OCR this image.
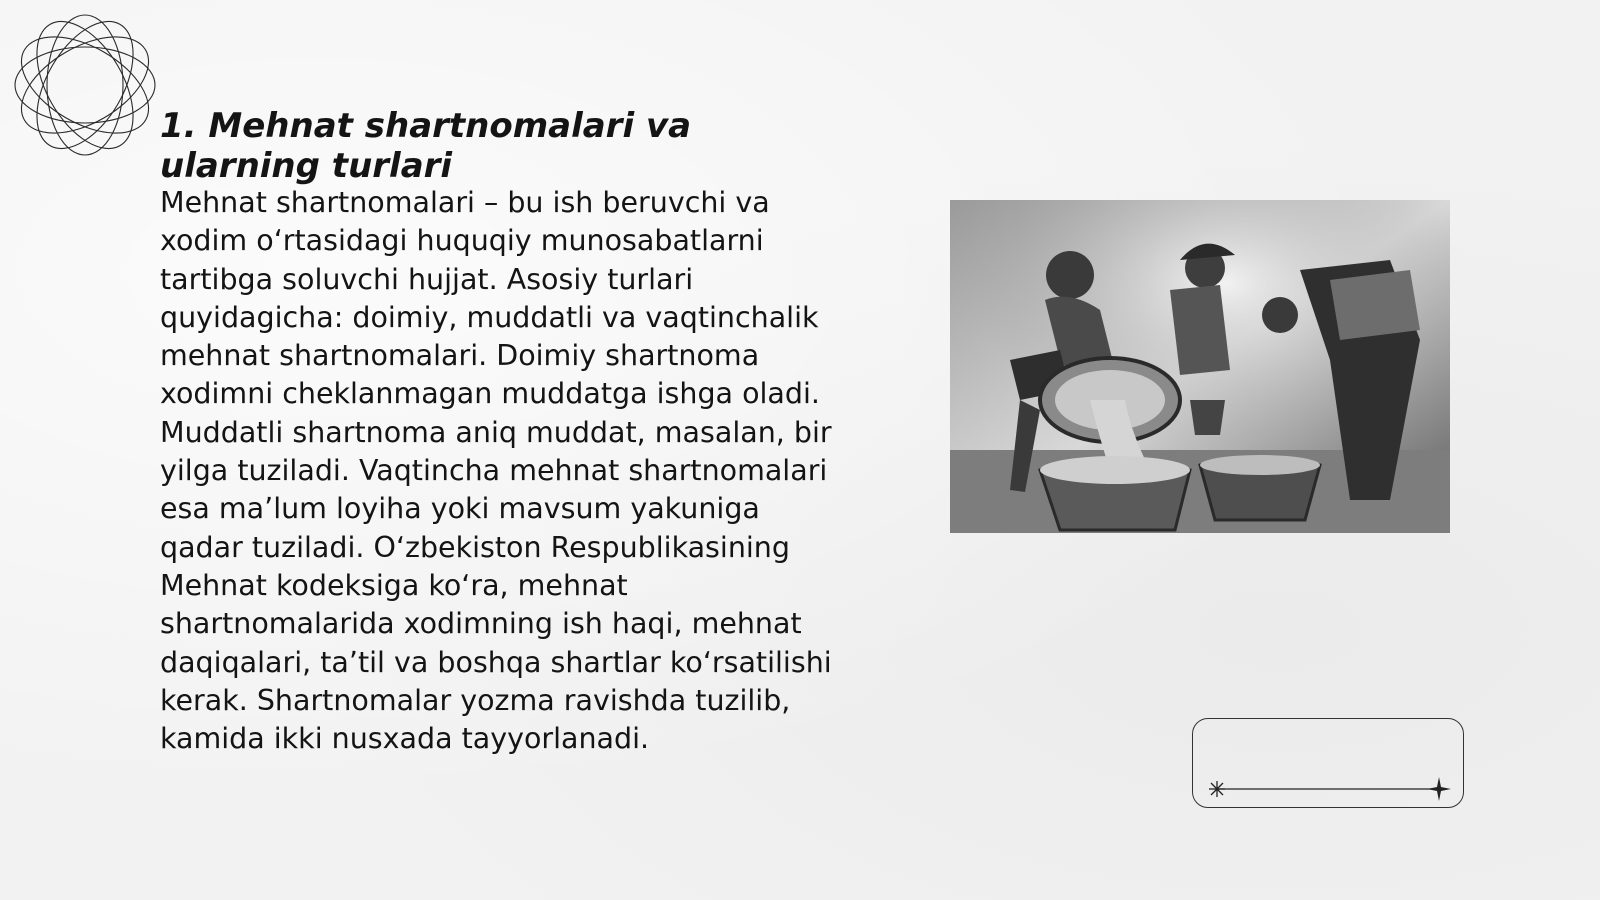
1. Mehnat shartnomalari va ularning turlari

Mehnat shartnomalari – bu ish beruvchi va xodim oʻrtasidagi huquqiy munosabatlarni tartibga soluvchi hujjat. Asosiy turlari quyidagicha: doimiy, muddatli va vaqtinchalik mehnat shartnomalari. Doimiy shartnoma xodimni cheklanmagan muddatga ishga oladi. Muddatli shartnoma aniq muddat, masalan, bir yilga tuziladi. Vaqtincha mehnat shartnomalari esa maʼlum loyiha yoki mavsum yakuniga qadar tuziladi. Oʻzbekiston Respublikasining Mehnat kodeksiga koʻra, mehnat shartnomalarida xodimning ish haqi, mehnat daqiqalari, taʼtil va boshqa shartlar koʻrsatilishi kerak. Shartnomalar yozma ravishda tuzilib, kamida ikki nusxada tayyorlanadi.
